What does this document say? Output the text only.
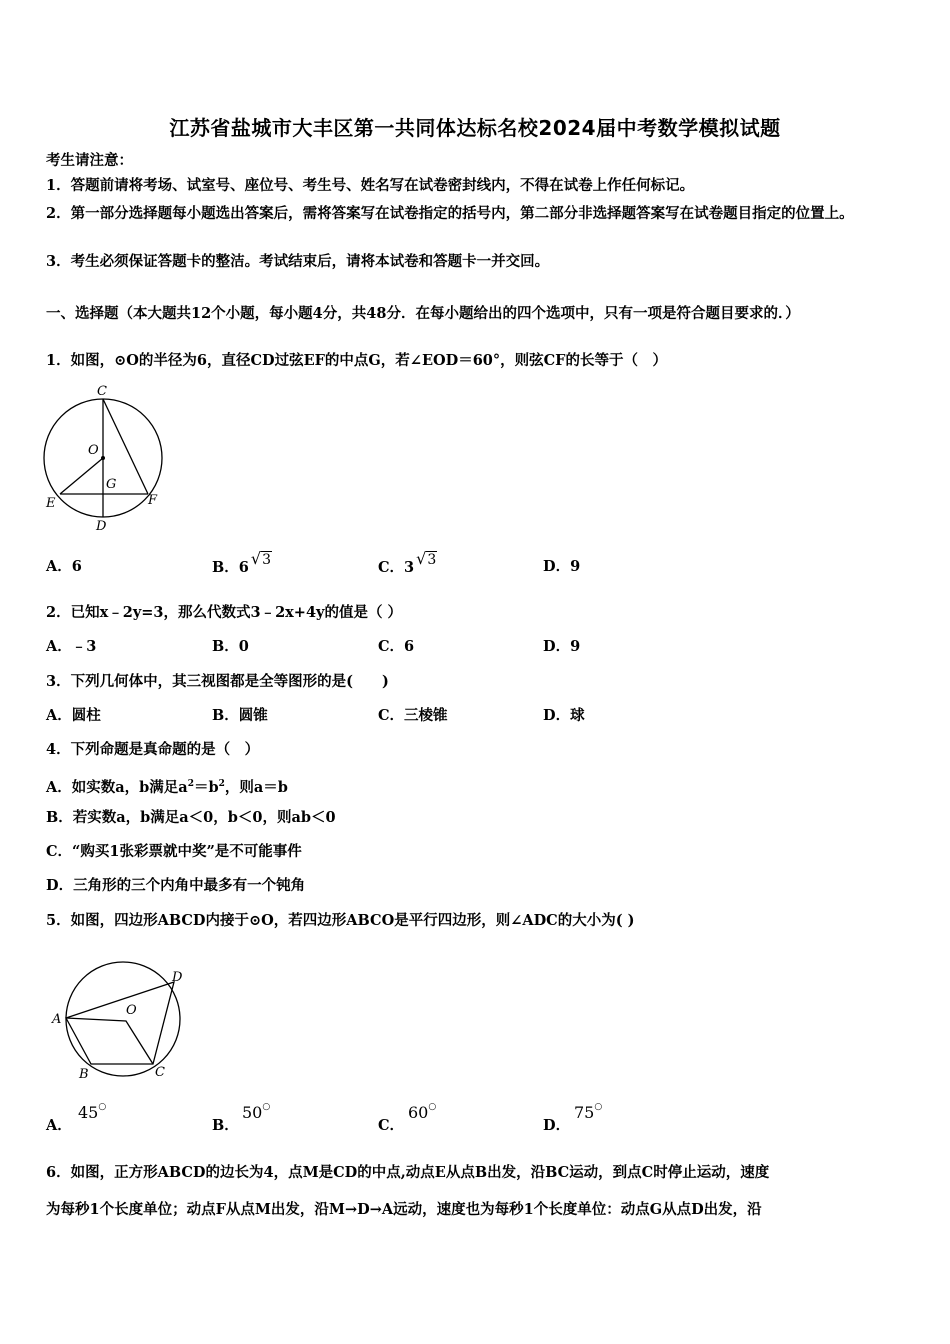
江苏省盐城市大丰区第一共同体达标名校2024届中考数学模拟试题
考生请注意：
1．答题前请将考场、试室号、座位号、考生号、姓名写在试卷密封线内，不得在试卷上作任何标记。
2．第一部分选择题每小题选出答案后，需将答案写在试卷指定的括号内，第二部分非选择题答案写在试卷题目指定的位置上。
3．考生必须保证答题卡的整洁。考试结束后，请将本试卷和答题卡一并交回。
一、选择题（本大题共12个小题，每小题4分，共48分．在每小题给出的四个选项中，只有一项是符合题目要求的．）
1．如图，⊙O的半径为6，直径CD过弦EF的中点G，若∠EOD＝60°，则弦CF的长等于（　）
C
O
G
E	F
D
A．6	B．6 √3	C．3 √3	D．9
2．已知x﹣2y=3，那么代数式3﹣2x+4y的值是（ ）
A．﹣3	B．0	C．6	D．9
3．下列几何体中，其三视图都是全等图形的是(　　)
A．圆柱	B．圆锥	C．三棱锥	D．球
4．下列命题是真命题的是（　）
A．如实数a，b满足$a^2=b^2$，则a＝b
B．若实数a，b满足a＜0，b＜0，则ab＜0
C．“购买1张彩票就中奖”是不可能事件
D．三角形的三个内角中最多有一个钝角
5．如图，四边形ABCD内接于⊙O，若四边形ABCO是平行四边形，则∠ADC的大小为( )
A
B	C
D
O
A．
45○
B．
50○
C．
60○
D．
75○
6．如图，正方形ABCD的边长为4，点M是CD的中点,动点E从点B出发，沿BC运动，到点C时停止运动，速度
为每秒1个长度单位；动点F从点M出发，沿M→D→A远动，速度也为每秒1个长度单位：动点G从点D出发，沿
